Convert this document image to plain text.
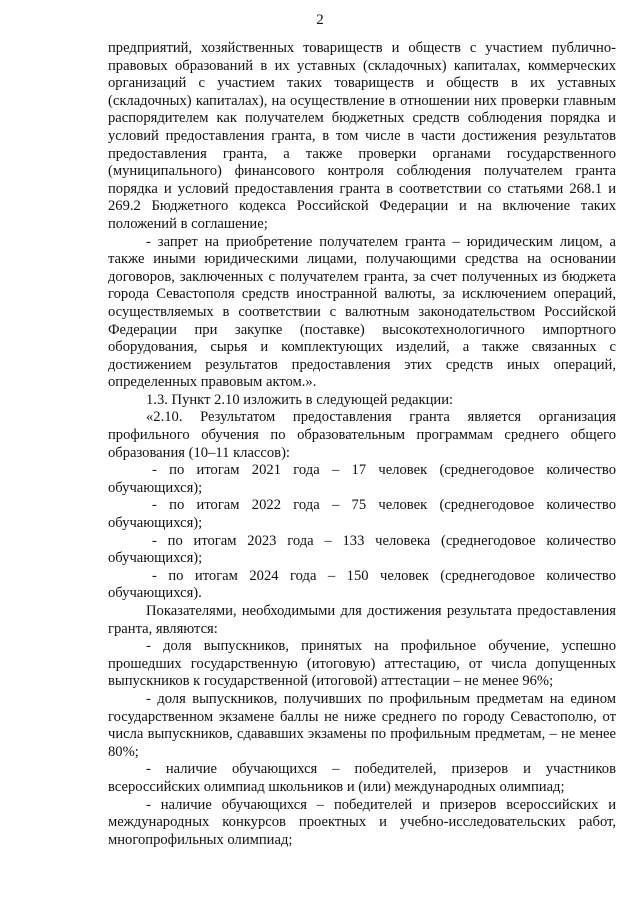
2

предприятий, хозяйственных товариществ и обществ с участием публично-правовых образований в их уставных (складочных) капиталах, коммерческих организаций с участием таких товариществ и обществ в их уставных (складочных) капиталах), на осуществление в отношении них проверки главным распорядителем как получателем бюджетных средств соблюдения порядка и условий предоставления гранта, в том числе в части достижения результатов предоставления гранта, а также проверки органами государственного (муниципального) финансового контроля соблюдения получателем гранта порядка и условий предоставления гранта в соответствии со статьями 268.1 и 269.2 Бюджетного кодекса Российской Федерации и на включение таких положений в соглашение;

- запрет на приобретение получателем гранта – юридическим лицом, а также иными юридическими лицами, получающими средства на основании договоров, заключенных с получателем гранта, за счет полученных из бюджета города Севастополя средств иностранной валюты, за исключением операций, осуществляемых в соответствии с валютным законодательством Российской Федерации при закупке (поставке) высокотехнологичного импортного оборудования, сырья и комплектующих изделий, а также связанных с достижением результатов предоставления этих средств иных операций, определенных правовым актом.».

1.3. Пункт 2.10 изложить в следующей редакции:

«2.10. Результатом предоставления гранта является организация профильного обучения по образовательным программам среднего общего образования (10–11 классов):

- по итогам 2021 года – 17 человек (среднегодовое количество обучающихся);

- по итогам 2022 года – 75 человек (среднегодовое количество обучающихся);

- по итогам 2023 года – 133 человека (среднегодовое количество обучающихся);

- по итогам 2024 года – 150 человек (среднегодовое количество обучающихся).

Показателями, необходимыми для достижения результата предоставления гранта, являются:

- доля выпускников, принятых на профильное обучение, успешно прошедших государственную (итоговую) аттестацию, от числа допущенных выпускников к государственной (итоговой) аттестации – не менее 96%;

- доля выпускников, получивших по профильным предметам на едином государственном экзамене баллы не ниже среднего по городу Севастополю, от числа выпускников, сдававших экзамены по профильным предметам, – не менее 80%;

- наличие обучающихся – победителей, призеров и участников всероссийских олимпиад школьников и (или) международных олимпиад;

- наличие обучающихся – победителей и призеров всероссийских и международных конкурсов проектных и учебно-исследовательских работ, многопрофильных олимпиад;
